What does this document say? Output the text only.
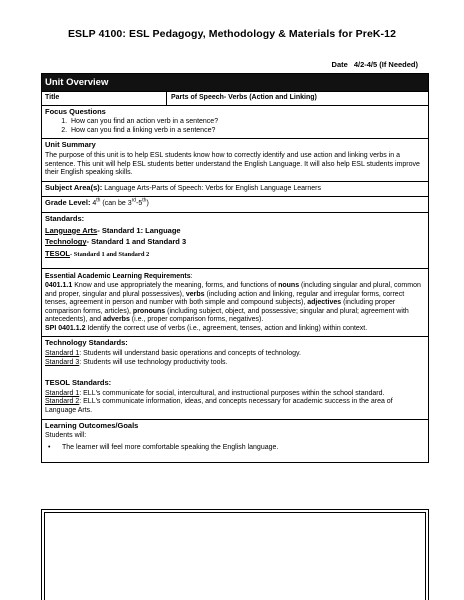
ESLP 4100: ESL Pedagogy, Methodology & Materials for PreK-12
Date 4/2-4/5 (If Needed)
Unit Overview
Title	Parts of Speech- Verbs (Action and Linking)
Focus Questions
1. How can you find an action verb in a sentence?
2. How can you find a linking verb in a sentence?
Unit Summary
The purpose of this unit is to help ESL students know how to correctly identify and use action and linking verbs in a sentence. This unit will help ESL students better understand the English Language. It will also help ESL students improve their English speaking skills.
Subject Area(s): Language Arts-Parts of Speech: Verbs for English Language Learners
Grade Level: 4th (can be 3rd-5th)
Standards:
Language Arts- Standard 1: Language
Technology- Standard 1 and Standard 3
TESOL- Standard 1 and Standard 2
Essential Academic Learning Requirements:
0401.1.1 Know and use appropriately the meaning, forms, and functions of nouns (including singular and plural, common and proper, singular and plural possessives), verbs (including action and linking, regular and irregular forms, correct tenses, agreement in person and number with both simple and compound subjects), adjectives (including proper comparison forms, articles), pronouns (including subject, object, and possessive; singular and plural; agreement with antecedents), and adverbs (i.e., proper comparison forms, negatives).
SPI 0401.1.2 Identify the correct use of verbs (i.e., agreement, tenses, action and linking) within context.
Technology Standards:
Standard 1: Students will understand basic operations and concepts of technology.
Standard 3: Students will use technology productivity tools.
TESOL Standards:
Standard 1: ELL's communicate for social, intercultural, and instructional purposes within the school standard.
Standard 2: ELL's communicate information, ideas, and concepts necessary for academic success in the area of Language Arts.
Learning Outcomes/Goals
Students will:
•	The learner will feel more comfortable speaking the English language.
